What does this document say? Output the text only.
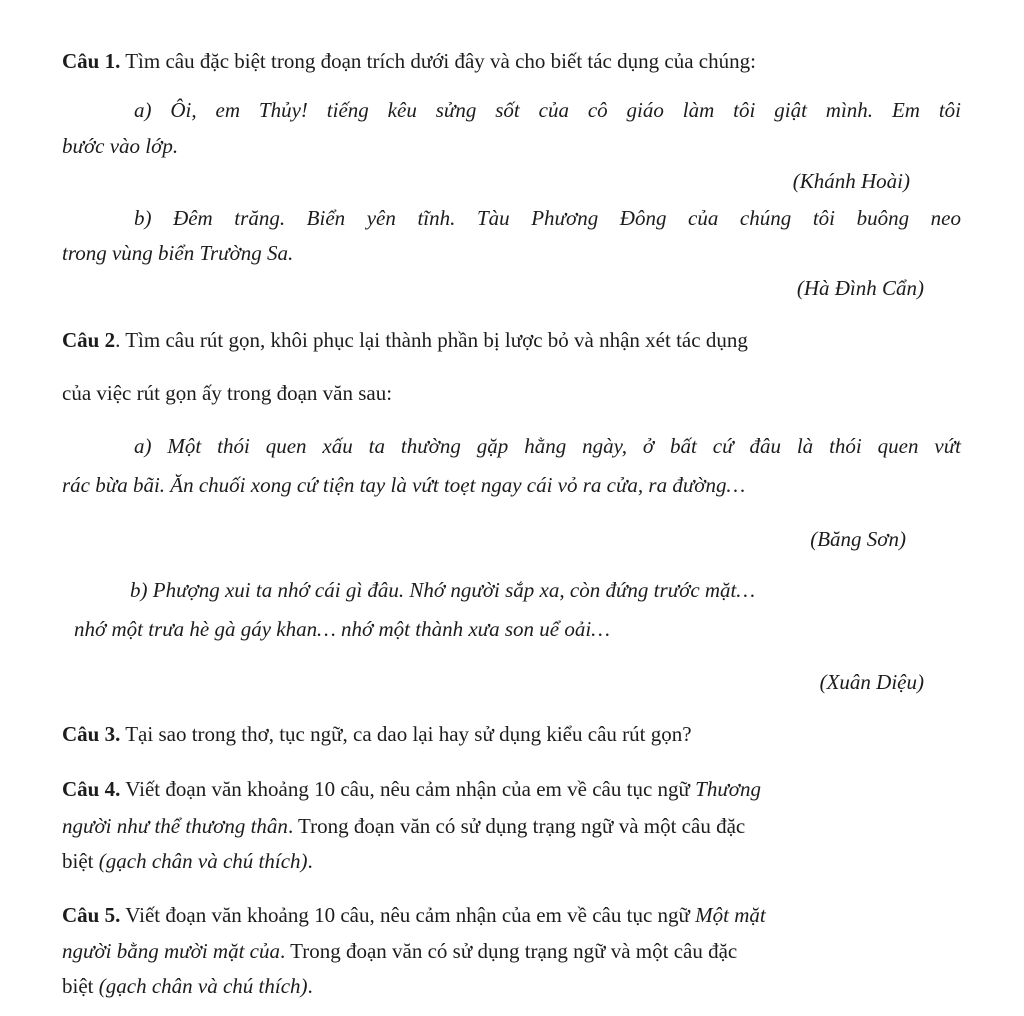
Câu 1. Tìm câu đặc biệt trong đoạn trích dưới đây và cho biết tác dụng của chúng:
a) Ôi, em Thủy! tiếng kêu sửng sốt của cô giáo làm tôi giật mình. Em tôi
bước vào lớp.
(Khánh Hoài)
b) Đêm trăng. Biển yên tĩnh. Tàu Phương Đông của chúng tôi buông neo
trong vùng biển Trường Sa.
(Hà Đình Cẩn)
Câu 2. Tìm câu rút gọn, khôi phục lại thành phần bị lược bỏ và nhận xét tác dụng
của việc rút gọn ấy trong đoạn văn sau:
a) Một thói quen xấu ta thường gặp hằng ngày, ở bất cứ đâu là thói quen vứt
rác bừa bãi. Ăn chuối xong cứ tiện tay là vứt toẹt ngay cái vỏ ra cửa, ra đường…
(Băng Sơn)
b) Phượng xui ta nhớ cái gì đâu. Nhớ người sắp xa, còn đứng trước mặt…
nhớ một trưa hè gà gáy khan… nhớ một thành xưa son uể oải…
(Xuân Diệu)
Câu 3. Tại sao trong thơ, tục ngữ, ca dao lại hay sử dụng kiểu câu rút gọn?
Câu 4. Viết đoạn văn khoảng 10 câu, nêu cảm nhận của em về câu tục ngữ Thương
người như thể thương thân. Trong đoạn văn có sử dụng trạng ngữ và một câu đặc
biệt (gạch chân và chú thích).
Câu 5. Viết đoạn văn khoảng 10 câu, nêu cảm nhận của em về câu tục ngữ Một mặt
người bằng mười mặt của. Trong đoạn văn có sử dụng trạng ngữ và một câu đặc
biệt (gạch chân và chú thích).
